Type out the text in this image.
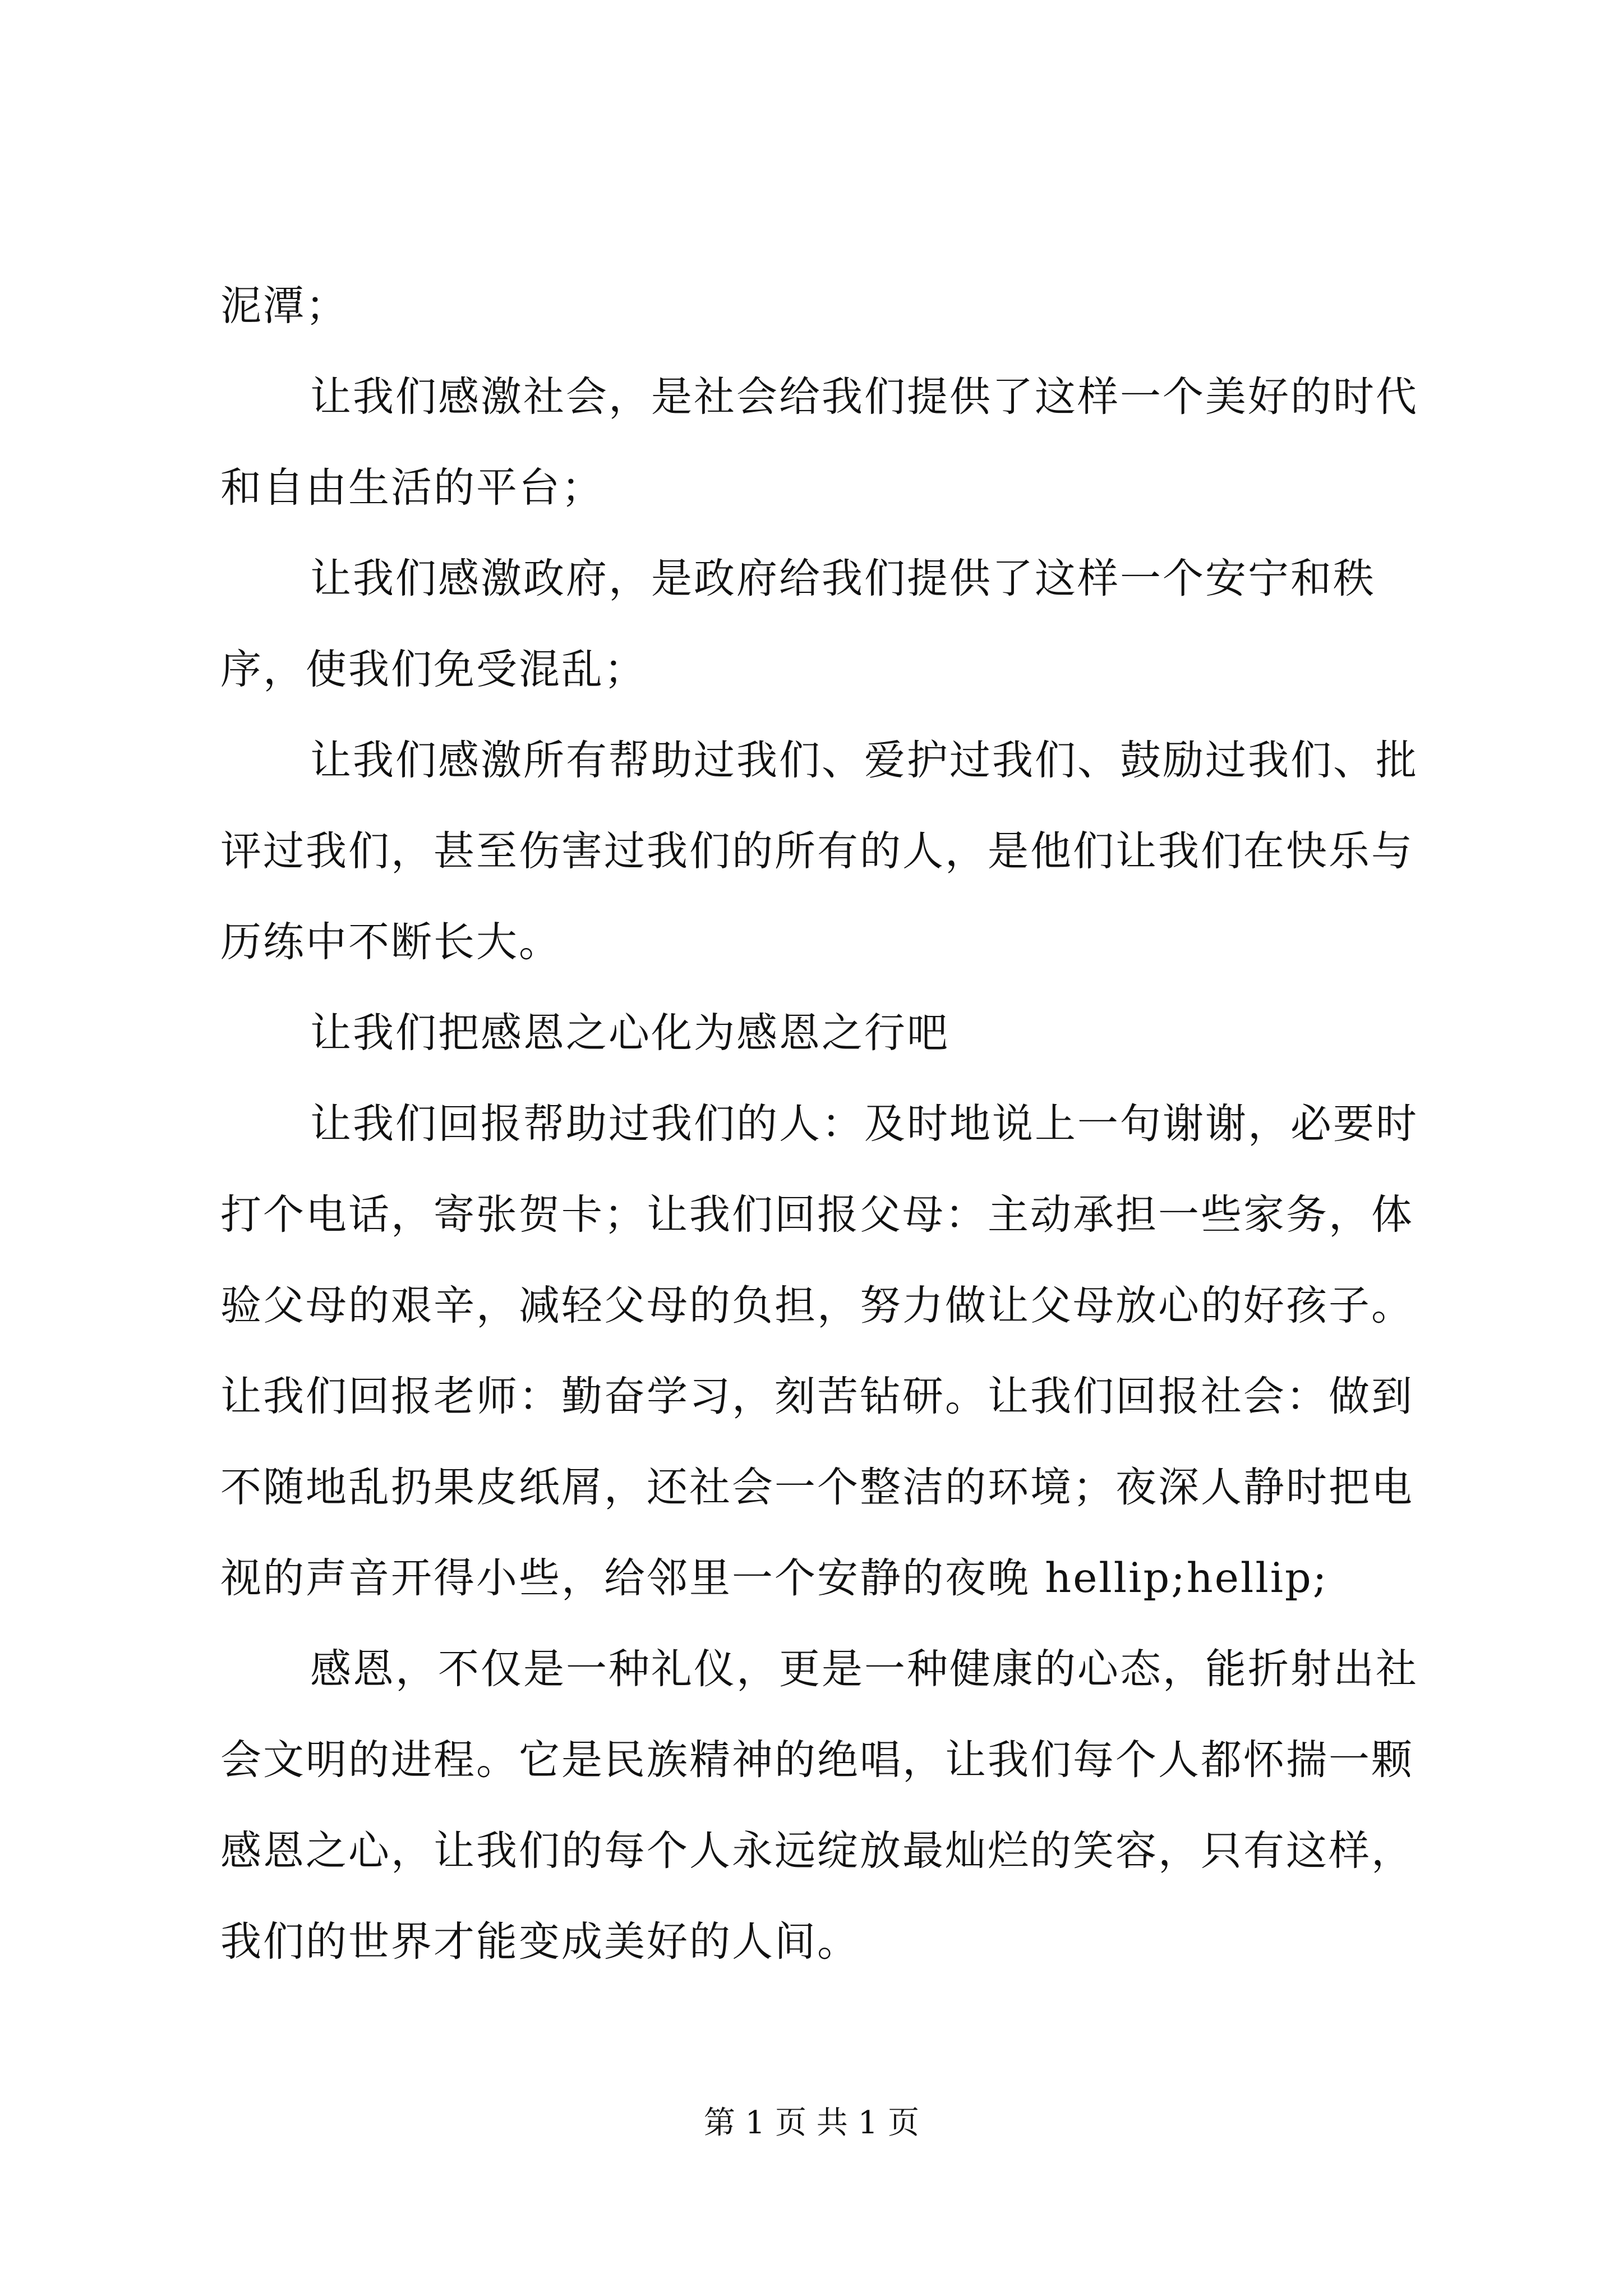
泥潭；

让我们感激社会，是社会给我们提供了这样一个美好的时代和自由生活的平台；

让我们感激政府，是政府给我们提供了这样一个安宁和秩序，使我们免受混乱；

让我们感激所有帮助过我们、爱护过我们、鼓励过我们、批评过我们，甚至伤害过我们的所有的人，是他们让我们在快乐与历练中不断长大。

让我们把感恩之心化为感恩之行吧

让我们回报帮助过我们的人：及时地说上一句谢谢，必要时打个电话，寄张贺卡；让我们回报父母：主动承担一些家务，体验父母的艰辛，减轻父母的负担，努力做让父母放心的好孩子。让我们回报老师：勤奋学习，刻苦钻研。让我们回报社会：做到不随地乱扔果皮纸屑，还社会一个整洁的环境；夜深人静时把电视的声音开得小些，给邻里一个安静的夜晚 hellip;hellip;

感恩，不仅是一种礼仪，更是一种健康的心态，能折射出社会文明的进程。它是民族精神的绝唱，让我们每个人都怀揣一颗感恩之心，让我们的每个人永远绽放最灿烂的笑容，只有这样，我们的世界才能变成美好的人间。

第 1 页 共 1 页
